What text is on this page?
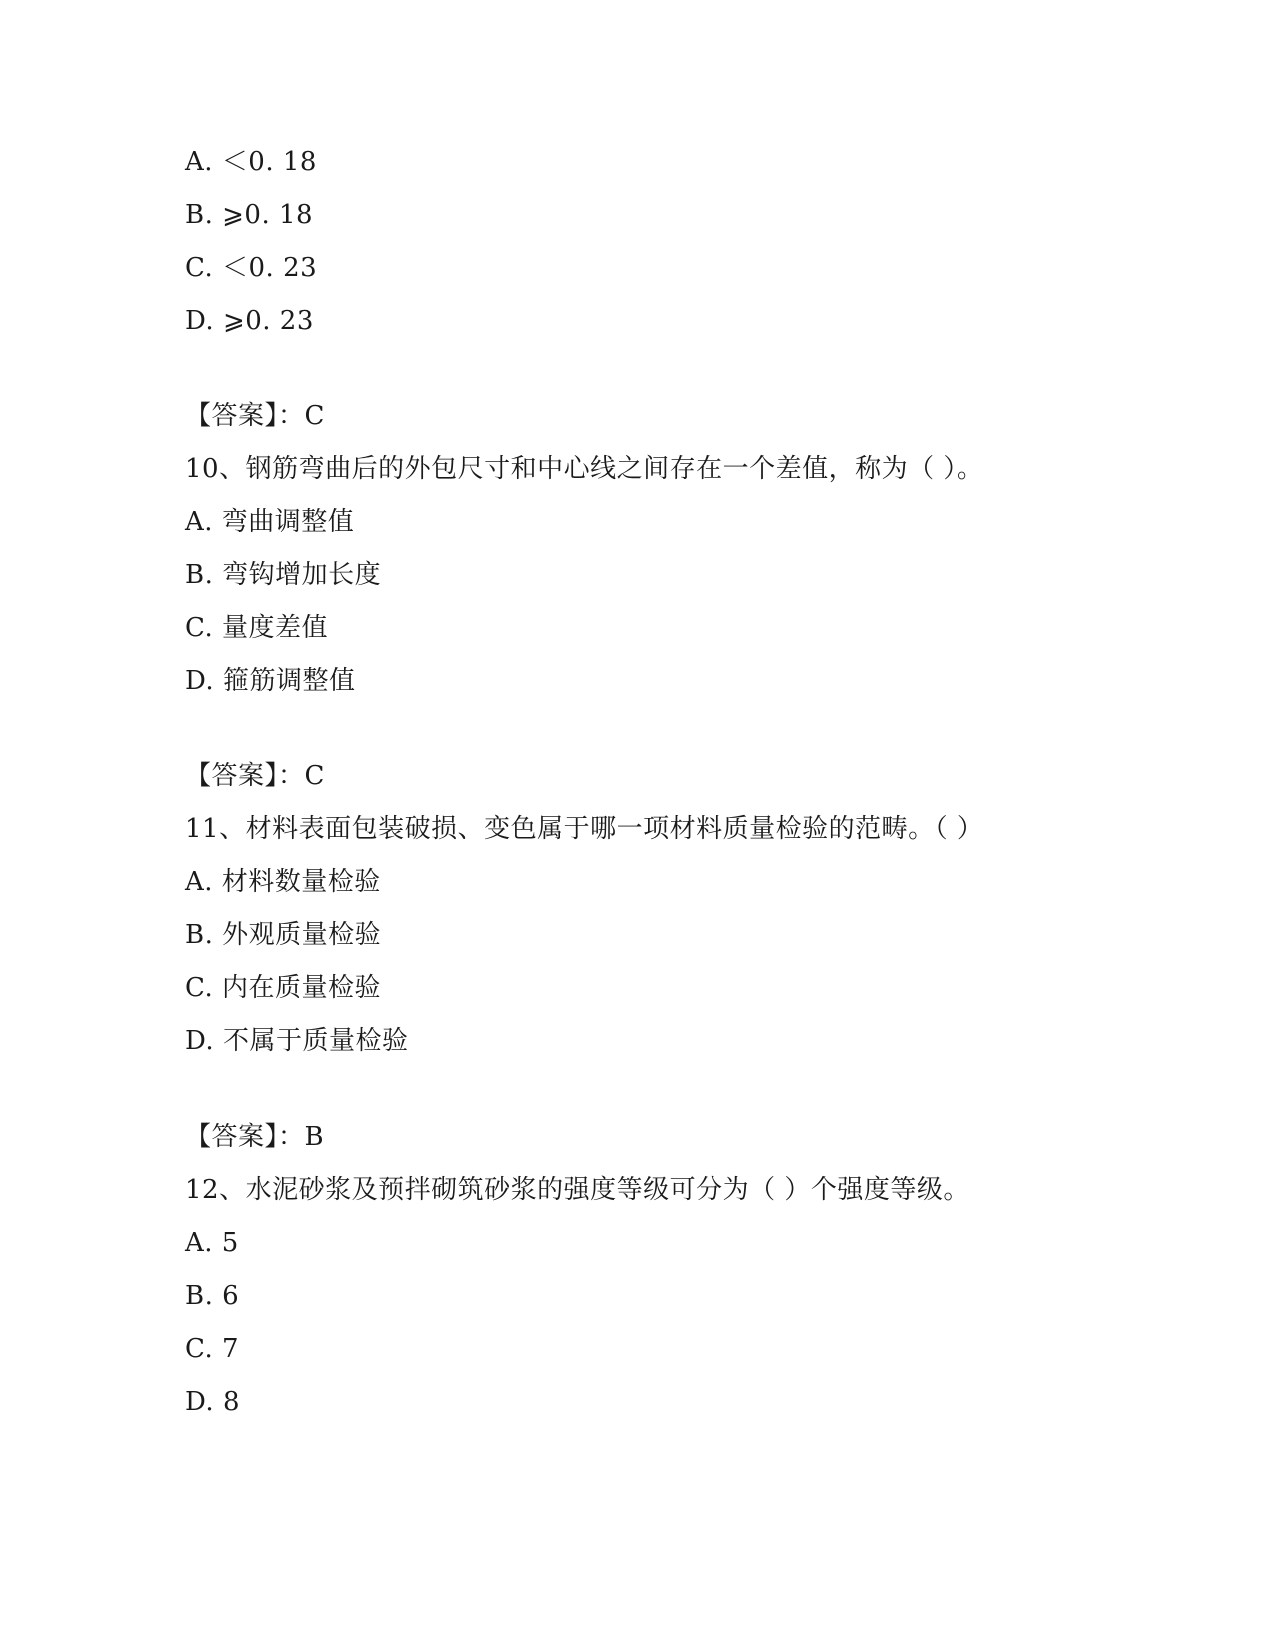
A. ＜0. 18
B. ⩾0. 18
C. ＜0. 23
D. ⩾0. 23
【答案】：C
10、钢筋弯曲后的外包尺寸和中心线之间存在一个差值，称为（ ）。
A. 弯曲调整值
B. 弯钩增加长度
C. 量度差值
D. 箍筋调整值
【答案】：C
11、材料表面包装破损、变色属于哪一项材料质量检验的范畴。（ ）
A. 材料数量检验
B. 外观质量检验
C. 内在质量检验
D. 不属于质量检验
【答案】：B
12、水泥砂浆及预拌砌筑砂浆的强度等级可分为（ ）个强度等级。
A. 5
B. 6
C. 7
D. 8
